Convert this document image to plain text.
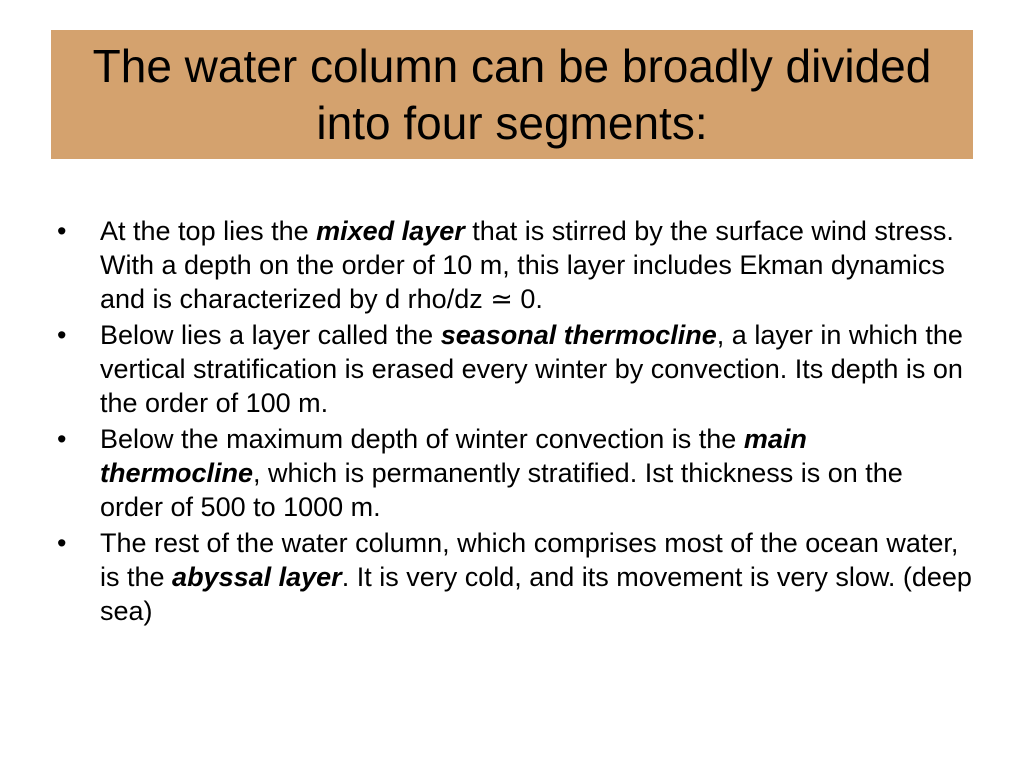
The water column can be broadly divided into four segments:
•	At the top lies the mixed layer that is stirred by the surface wind stress. With a depth on the order of 10 m, this layer includes Ekman dynamics and is characterized by d rho/dz ≃ 0.
•	Below lies a layer called the seasonal thermocline, a layer in which the vertical stratification is erased every winter by convection. Its depth is on the order of 100 m.
•	Below the maximum depth of winter convection is the main thermocline, which is permanently stratified. Ist thickness is on the order of 500 to 1000 m.
•	The rest of the water column, which comprises most of the ocean water, is the abyssal layer. It is very cold, and its movement is very slow. (deep sea)
